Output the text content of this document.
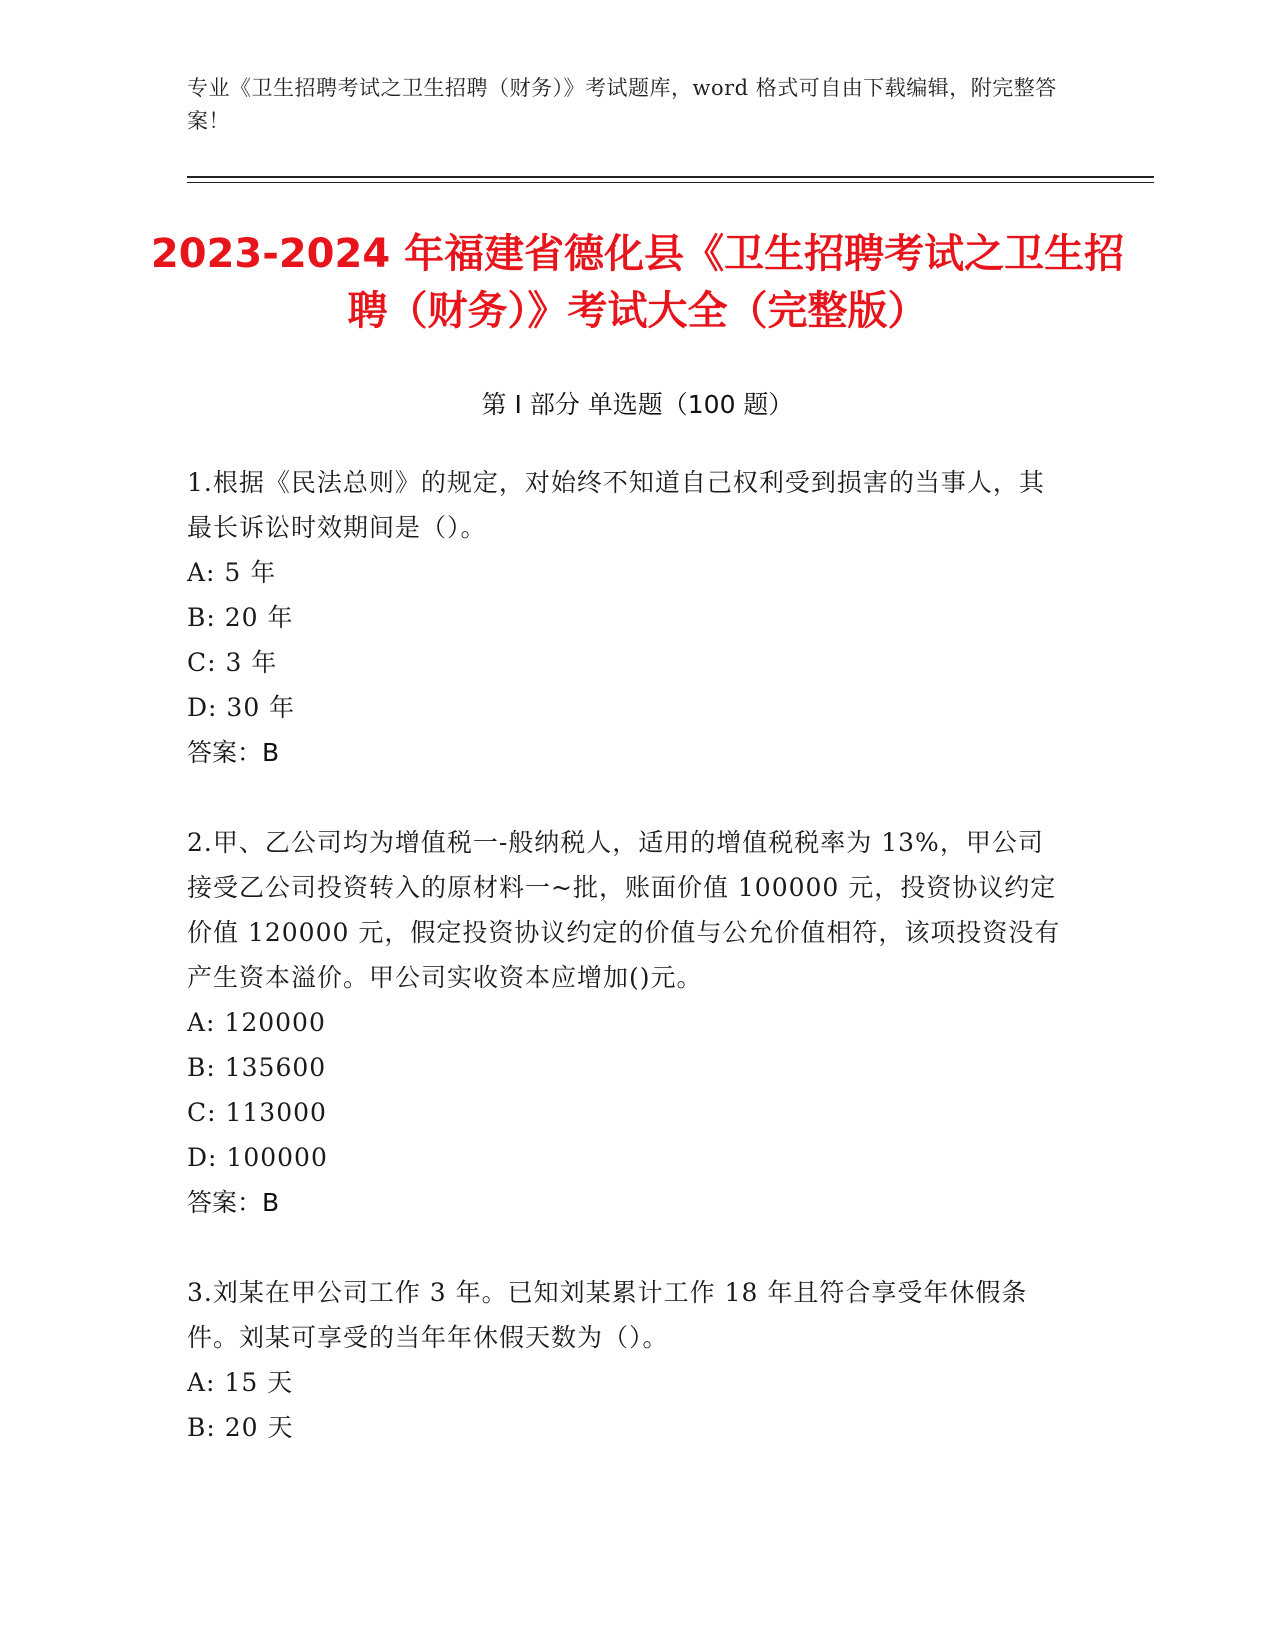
专业《卫生招聘考试之卫生招聘（财务）》考试题库，word 格式可自由下载编辑，附完整答案！
2023-2024 年福建省德化县《卫生招聘考试之卫生招聘（财务）》考试大全（完整版）
第 I 部分 单选题（100 题）
1.根据《民法总则》的规定，对始终不知道自己权利受到损害的当事人，其最长诉讼时效期间是（）。
A: 5 年
B: 20 年
C: 3 年
D: 30 年
答案：B
2.甲、乙公司均为增值税一-般纳税人，适用的增值税税率为 13%，甲公司接受乙公司投资转入的原材料一~批，账面价值 100000 元，投资协议约定价值 120000 元，假定投资协议约定的价值与公允价值相符，该项投资没有产生资本溢价。甲公司实收资本应增加()元。
A: 120000
B: 135600
C: 113000
D: 100000
答案：B
3.刘某在甲公司工作 3 年。已知刘某累计工作 18 年且符合享受年休假条件。刘某可享受的当年年休假天数为（）。
A: 15 天
B: 20 天
